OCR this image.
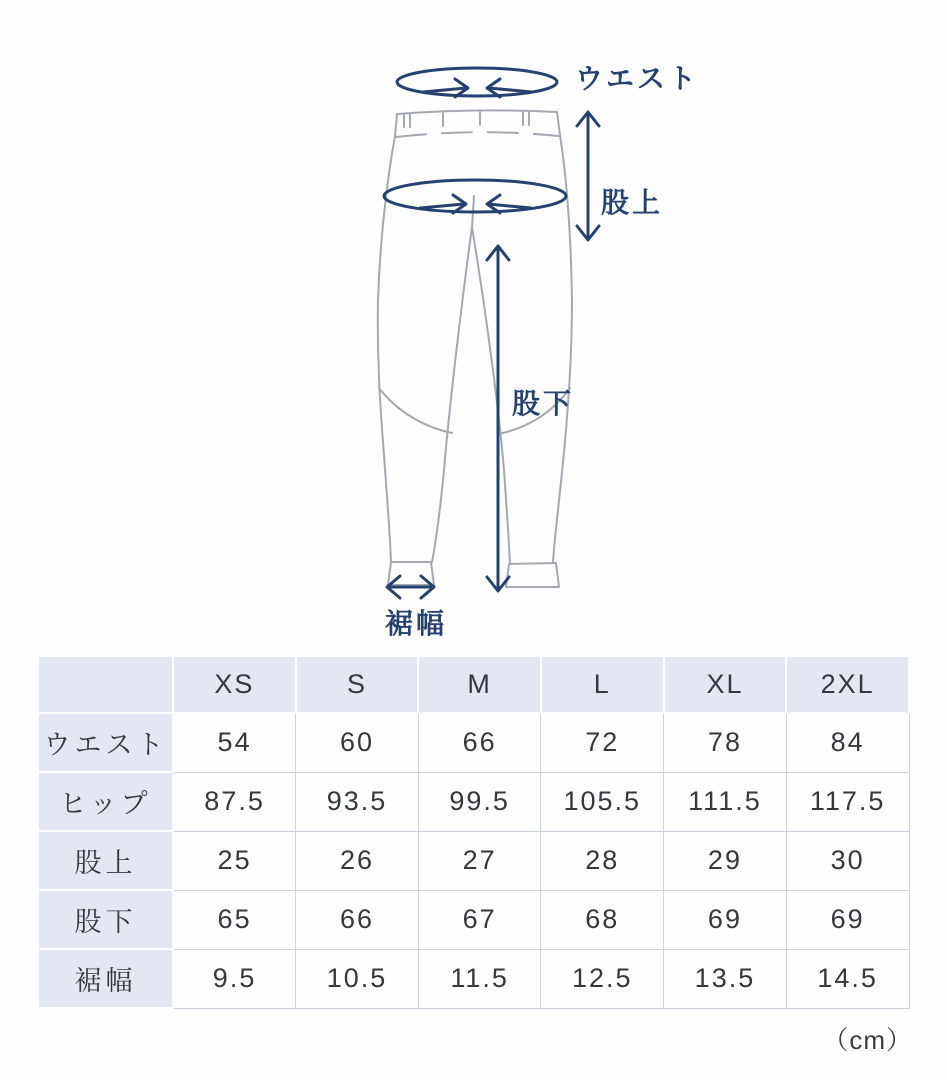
ウエスト
股上
股下
裾幅
	XS	S	M	L	XL	2XL
ウエスト	54	60	66	72	78	84
ヒップ	87.5	93.5	99.5	105.5	111.5	117.5
股上	25	26	27	28	29	30
股下	65	66	67	68	69	69
裾幅	9.5	10.5	11.5	12.5	13.5	14.5
（cm）
